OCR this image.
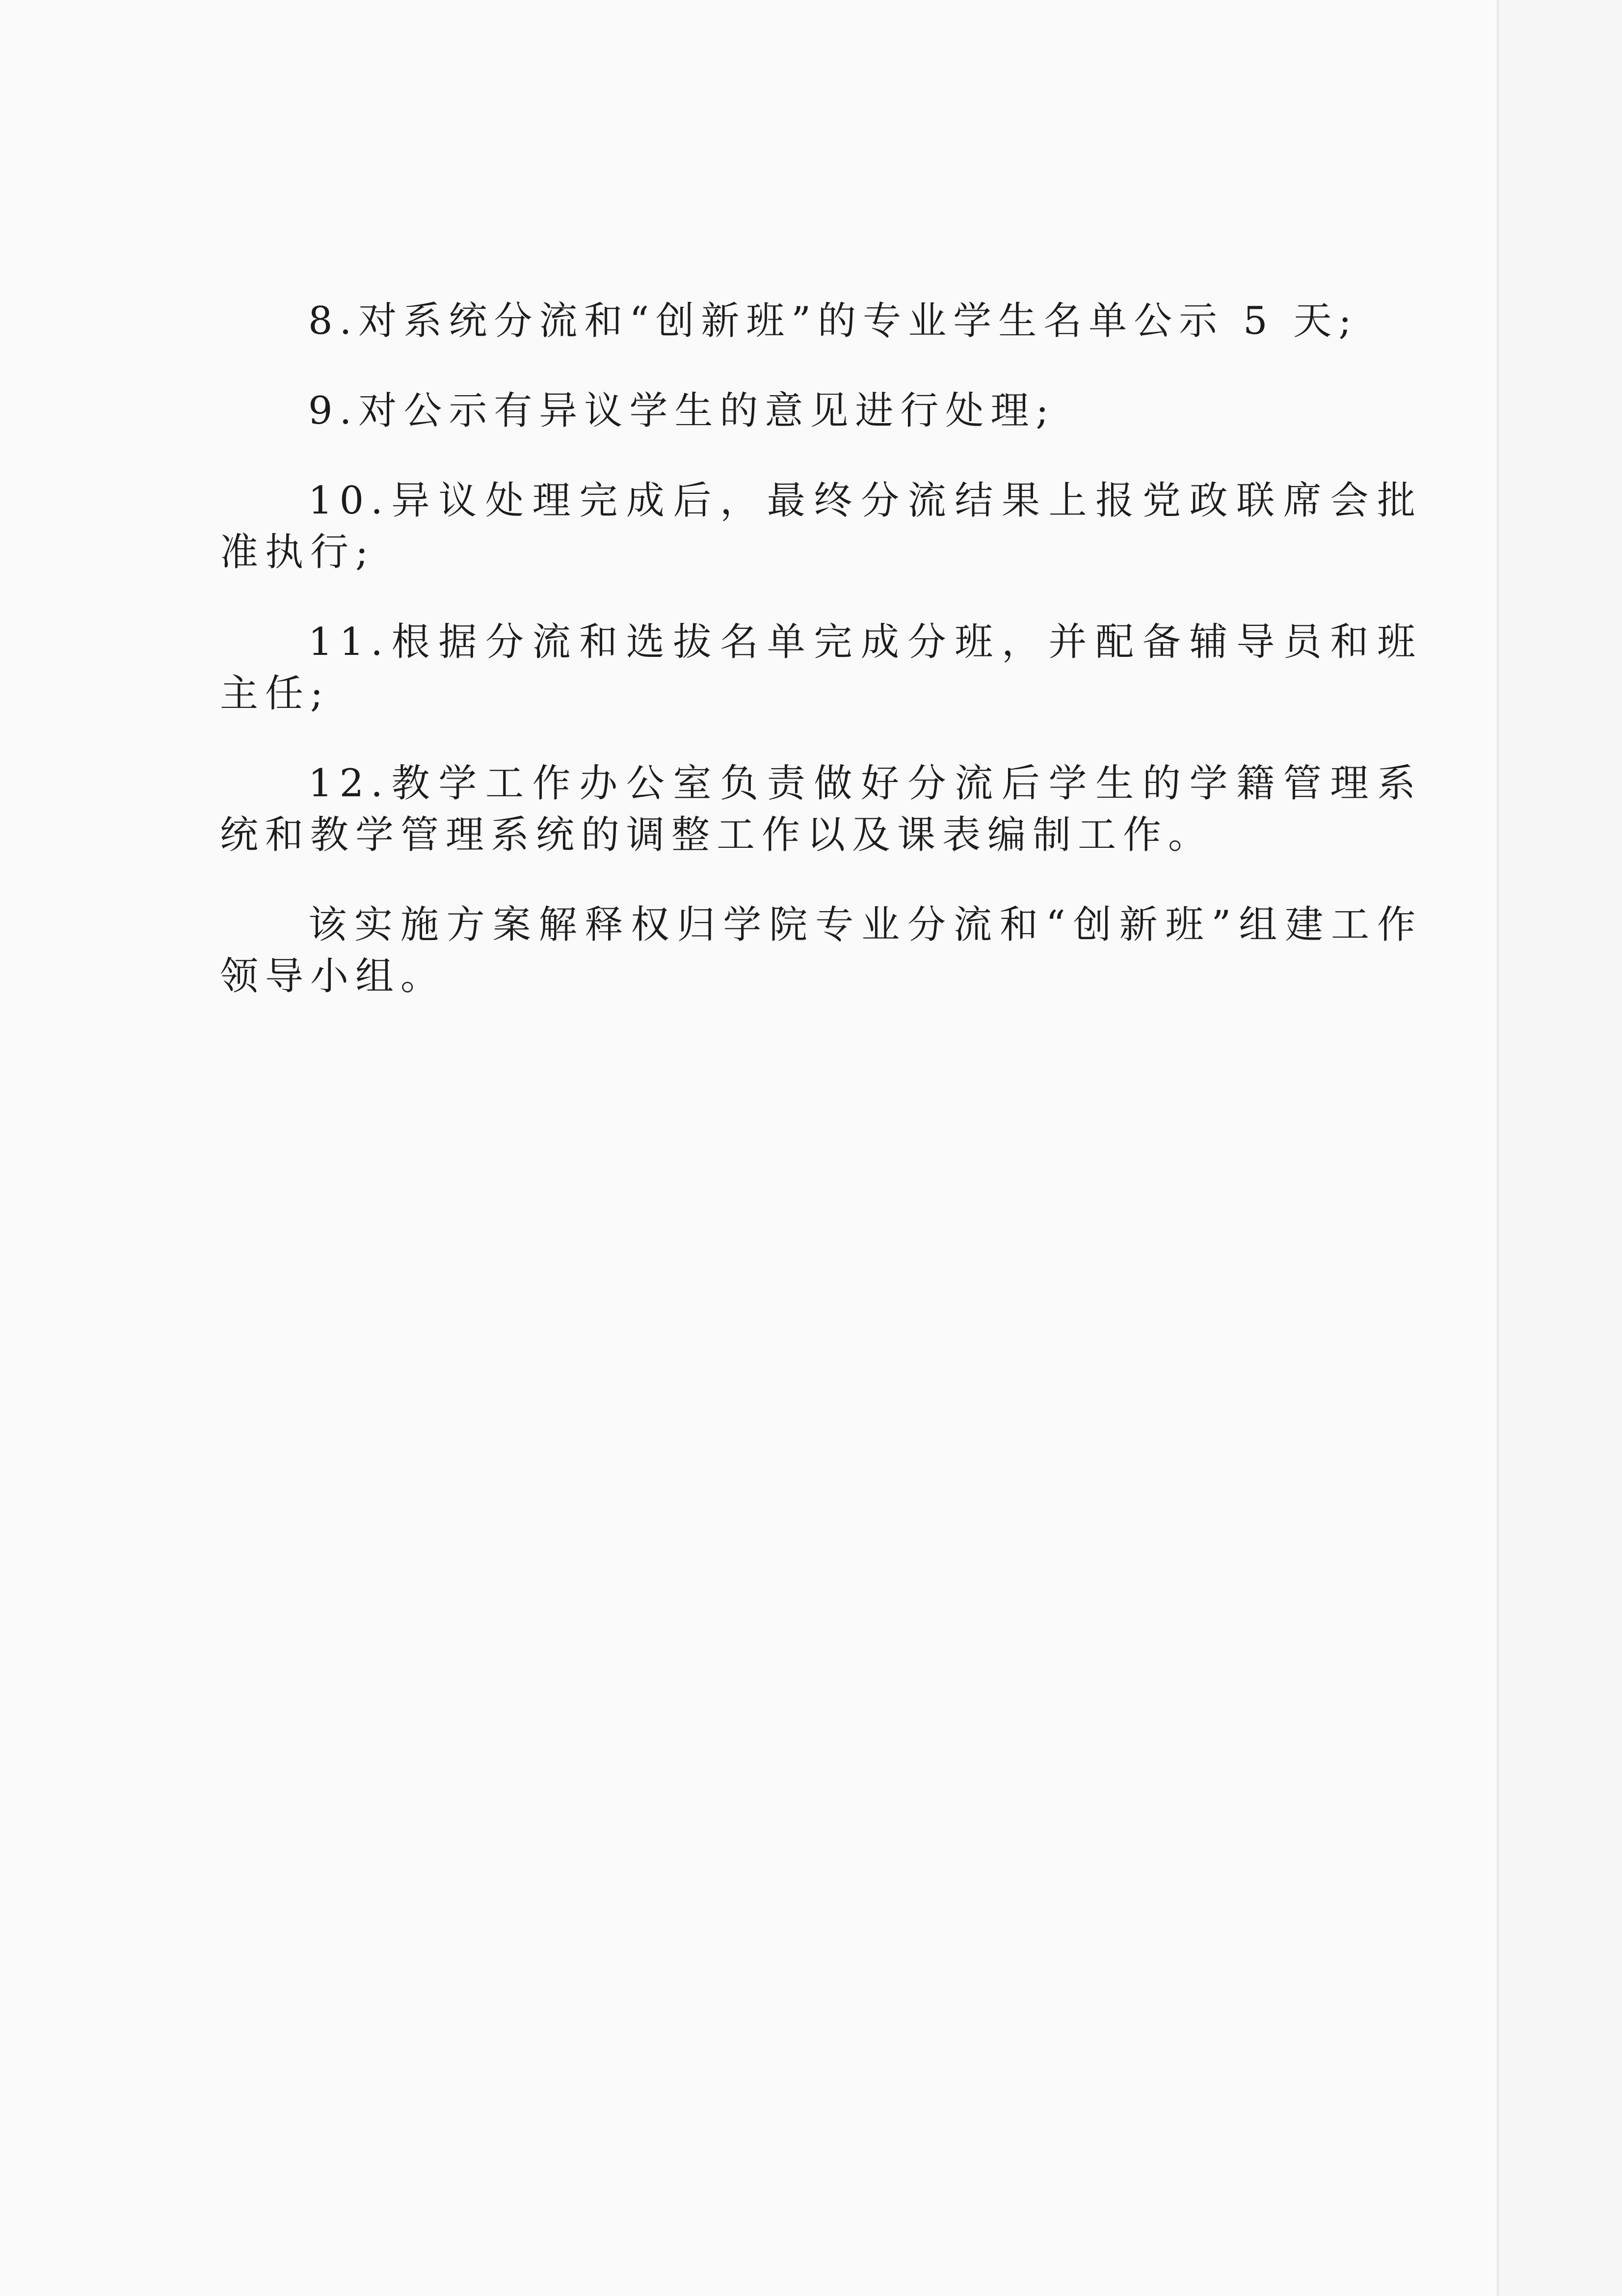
8.对系统分流和“创新班”的专业学生名单公示 5 天;

9.对公示有异议学生的意见进行处理;

10.异议处理完成后，最终分流结果上报党政联席会批准执行;

11.根据分流和选拔名单完成分班，并配备辅导员和班主任;

12.教学工作办公室负责做好分流后学生的学籍管理系统和教学管理系统的调整工作以及课表编制工作。

该实施方案解释权归学院专业分流和“创新班”组建工作领导小组。
